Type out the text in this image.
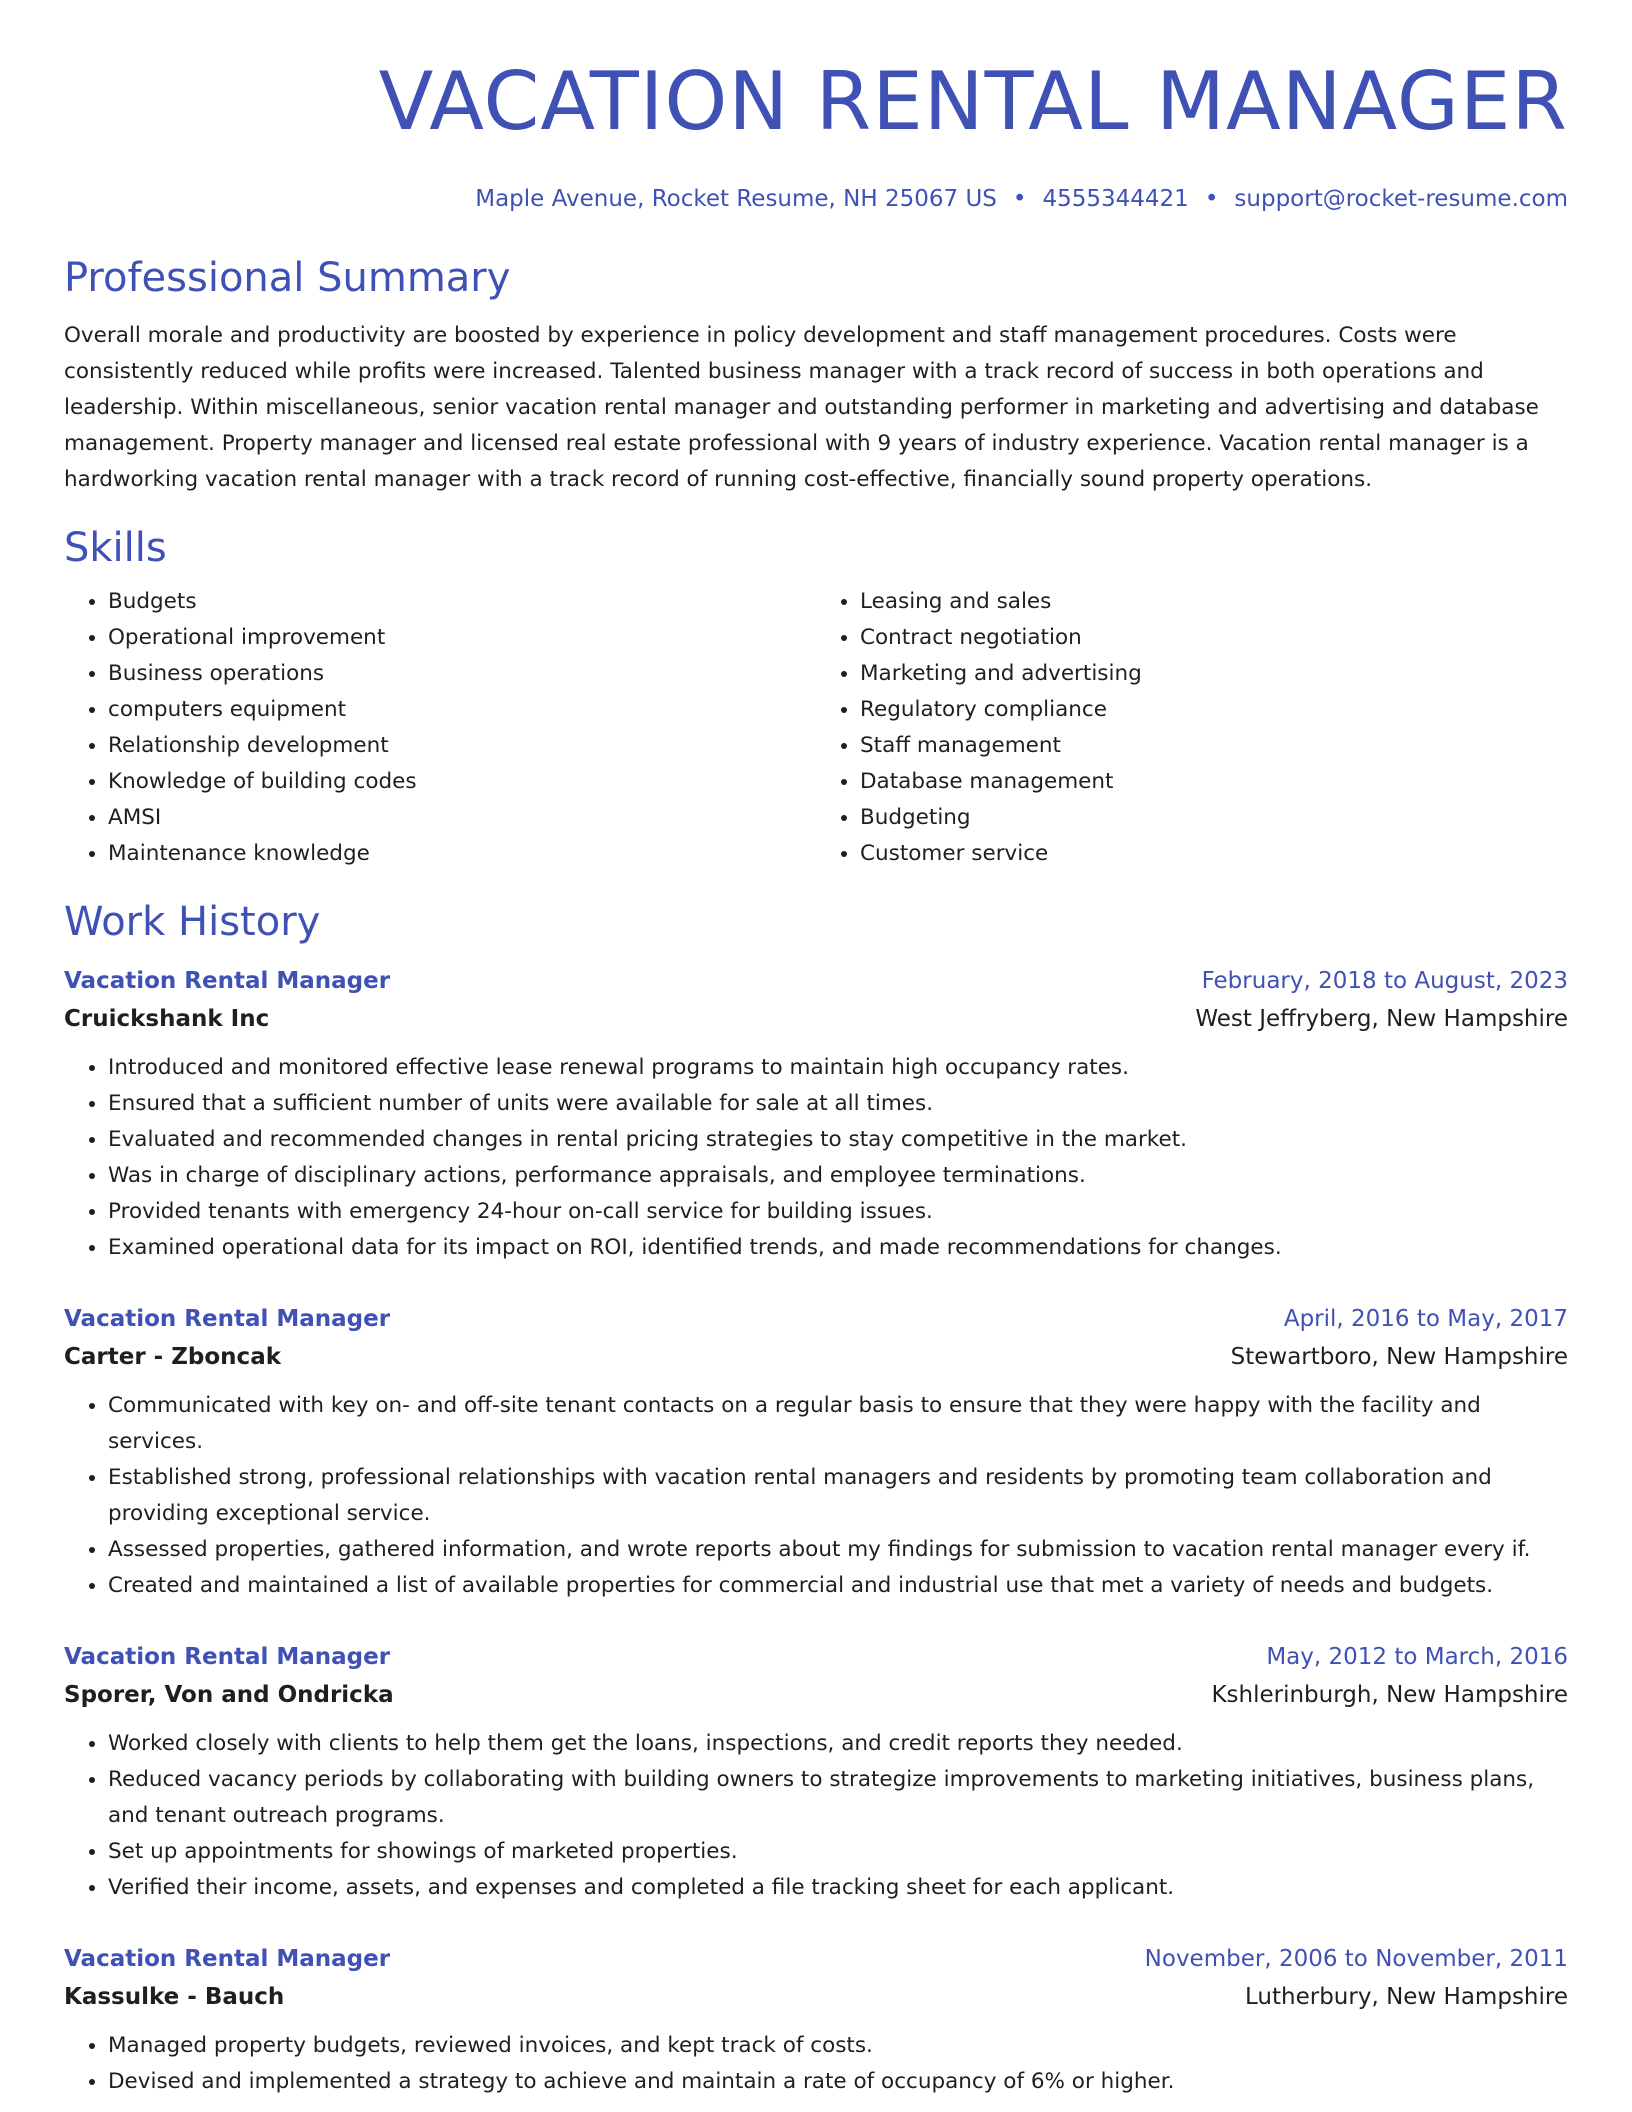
VACATION RENTAL MANAGER
Maple Avenue, Rocket Resume, NH 25067 US • 4555344421 • support@rocket-resume.com
Professional Summary
Overall morale and productivity are boosted by experience in policy development and staff management procedures. Costs were consistently reduced while profits were increased. Talented business manager with a track record of success in both operations and leadership. Within miscellaneous, senior vacation rental manager and outstanding performer in marketing and advertising and database management. Property manager and licensed real estate professional with 9 years of industry experience. Vacation rental manager is a hardworking vacation rental manager with a track record of running cost-effective, financially sound property operations.
Skills
• Budgets
• Operational improvement
• Business operations
• computers equipment
• Relationship development
• Knowledge of building codes
• AMSI
• Maintenance knowledge
• Leasing and sales
• Contract negotiation
• Marketing and advertising
• Regulatory compliance
• Staff management
• Database management
• Budgeting
• Customer service
Work History
Vacation Rental Manager	February, 2018 to August, 2023
Cruickshank Inc	West Jeffryberg, New Hampshire
• Introduced and monitored effective lease renewal programs to maintain high occupancy rates.
• Ensured that a sufficient number of units were available for sale at all times.
• Evaluated and recommended changes in rental pricing strategies to stay competitive in the market.
• Was in charge of disciplinary actions, performance appraisals, and employee terminations.
• Provided tenants with emergency 24-hour on-call service for building issues.
• Examined operational data for its impact on ROI, identified trends, and made recommendations for changes.
Vacation Rental Manager	April, 2016 to May, 2017
Carter - Zboncak	Stewartboro, New Hampshire
• Communicated with key on- and off-site tenant contacts on a regular basis to ensure that they were happy with the facility and services.
• Established strong, professional relationships with vacation rental managers and residents by promoting team collaboration and providing exceptional service.
• Assessed properties, gathered information, and wrote reports about my findings for submission to vacation rental manager every if.
• Created and maintained a list of available properties for commercial and industrial use that met a variety of needs and budgets.
Vacation Rental Manager	May, 2012 to March, 2016
Sporer, Von and Ondricka	Kshlerinburgh, New Hampshire
• Worked closely with clients to help them get the loans, inspections, and credit reports they needed.
• Reduced vacancy periods by collaborating with building owners to strategize improvements to marketing initiatives, business plans, and tenant outreach programs.
• Set up appointments for showings of marketed properties.
• Verified their income, assets, and expenses and completed a file tracking sheet for each applicant.
Vacation Rental Manager	November, 2006 to November, 2011
Kassulke - Bauch	Lutherbury, New Hampshire
• Managed property budgets, reviewed invoices, and kept track of costs.
• Devised and implemented a strategy to achieve and maintain a rate of occupancy of 6% or higher.
